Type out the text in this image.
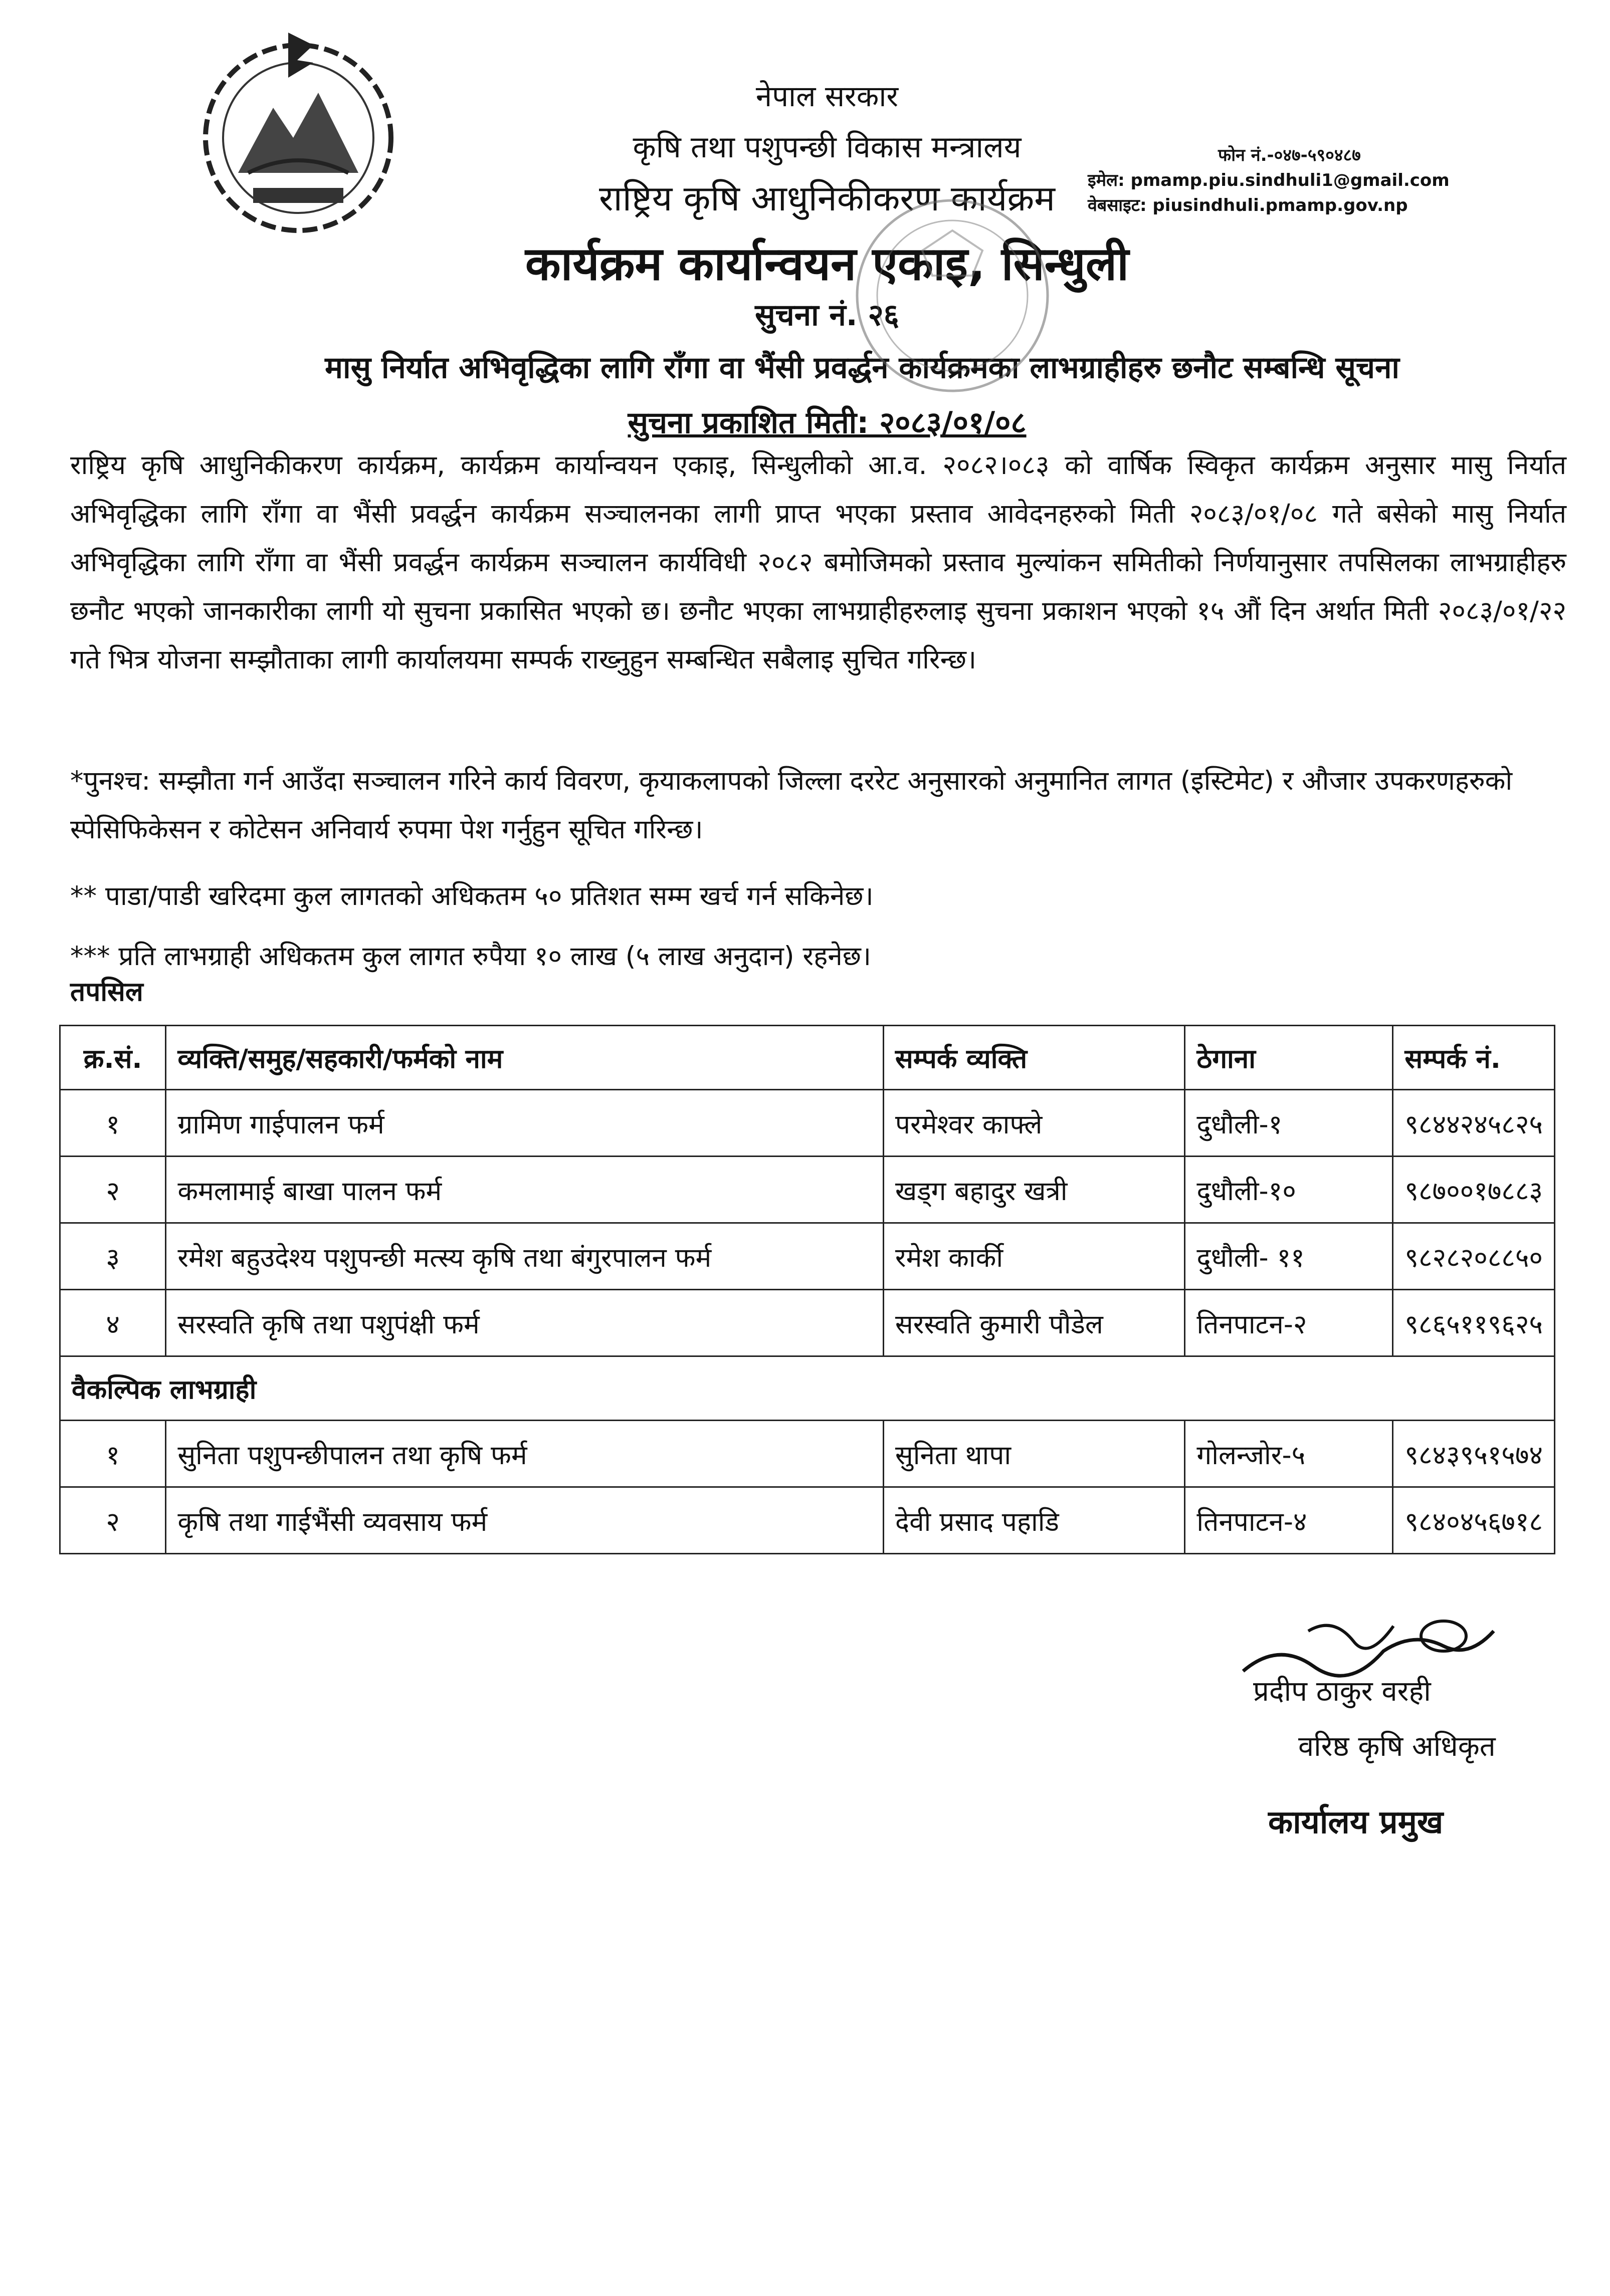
नेपाल सरकार
कृषि तथा पशुपन्छी विकास मन्त्रालय
राष्ट्रिय कृषि आधुनिकीकरण कार्यक्रम
कार्यक्रम कार्यान्वयन एकाइ, सिन्धुली
सुचना नं. २६
मासु निर्यात अभिवृद्धिका लागि राँगा वा भैंसी प्रवर्द्धन कार्यक्रमका लाभग्राहीहरु छनौट सम्बन्धि सूचना
सुचना प्रकाशित मिती: २०८३/०१/०८
फोन नं.-०४७-५९०४८७
इमेल: pmamp.piu.sindhuli1@gmail.com
वेबसाइट: piusindhuli.pmamp.gov.np

राष्ट्रिय कृषि आधुनिकीकरण कार्यक्रम, कार्यक्रम कार्यान्वयन एकाइ, सिन्धुलीको आ.व. २०८२।०८३ को वार्षिक स्विकृत कार्यक्रम अनुसार मासु निर्यात अभिवृद्धिका लागि राँगा वा भैंसी प्रवर्द्धन कार्यक्रम सञ्चालनका लागी प्राप्त भएका प्रस्ताव आवेदनहरुको मिती २०८३/०१/०८ गते बसेको मासु निर्यात अभिवृद्धिका लागि राँगा वा भैंसी प्रवर्द्धन कार्यक्रम सञ्चालन कार्यविधी २०८२ बमोजिमको प्रस्ताव मुल्यांकन समितीको निर्णयानुसार तपसिलका लाभग्राहीहरु छनौट भएको जानकारीका लागी यो सुचना प्रकासित भएको छ। छनौट भएका लाभग्राहीहरुलाइ सुचना प्रकाशन भएको १५ औं दिन अर्थात मिती २०८३/०१/२२ गते भित्र योजना सम्झौताका लागी कार्यालयमा सम्पर्क राख्नुहुन सम्बन्धित सबैलाइ सुचित गरिन्छ।

*पुनश्च: सम्झौता गर्न आउँदा सञ्चालन गरिने कार्य विवरण, कृयाकलापको जिल्ला दररेट अनुसारको अनुमानित लागत (इस्टिमेट) र औजार उपकरणहरुको स्पेसिफिकेसन र कोटेसन अनिवार्य रुपमा पेश गर्नुहुन सूचित गरिन्छ।
** पाडा/पाडी खरिदमा कुल लागतको अधिकतम ५० प्रतिशत सम्म खर्च गर्न सकिनेछ।
*** प्रति लाभग्राही अधिकतम कुल लागत रुपैया १० लाख (५ लाख अनुदान) रहनेछ।
तपसिल
क्र.सं.	व्यक्ति/समुह/सहकारी/फर्मको नाम	सम्पर्क व्यक्ति	ठेगाना	सम्पर्क नं.
१	ग्रामिण गाईपालन फर्म	परमेश्वर काफ्ले	दुधौली-१	९८४४२४५८२५
२	कमलामाई बाखा पालन फर्म	खड्ग बहादुर खत्री	दुधौली-१०	९८७००१७८८३
३	रमेश बहुउदेश्य पशुपन्छी मत्स्य कृषि तथा बंगुरपालन फर्म	रमेश कार्की	दुधौली- ११	९८२८२०८८५०
४	सरस्वति कृषि तथा पशुपंक्षी फर्म	सरस्वति कुमारी पौडेल	तिनपाटन-२	९८६५११९६२५
वैकल्पिक लाभग्राही				
१	सुनिता पशुपन्छीपालन तथा कृषि फर्म	सुनिता थापा	गोलन्जोर-५	९८४३९५१५७४
२	कृषि तथा गाईभैंसी व्यवसाय फर्म	देवी प्रसाद पहाडि	तिनपाटन-४	९८४०४५६७१८
प्रदीप ठाकुर वरही
वरिष्ठ कृषि अधिकृत
कार्यालय प्रमुख
